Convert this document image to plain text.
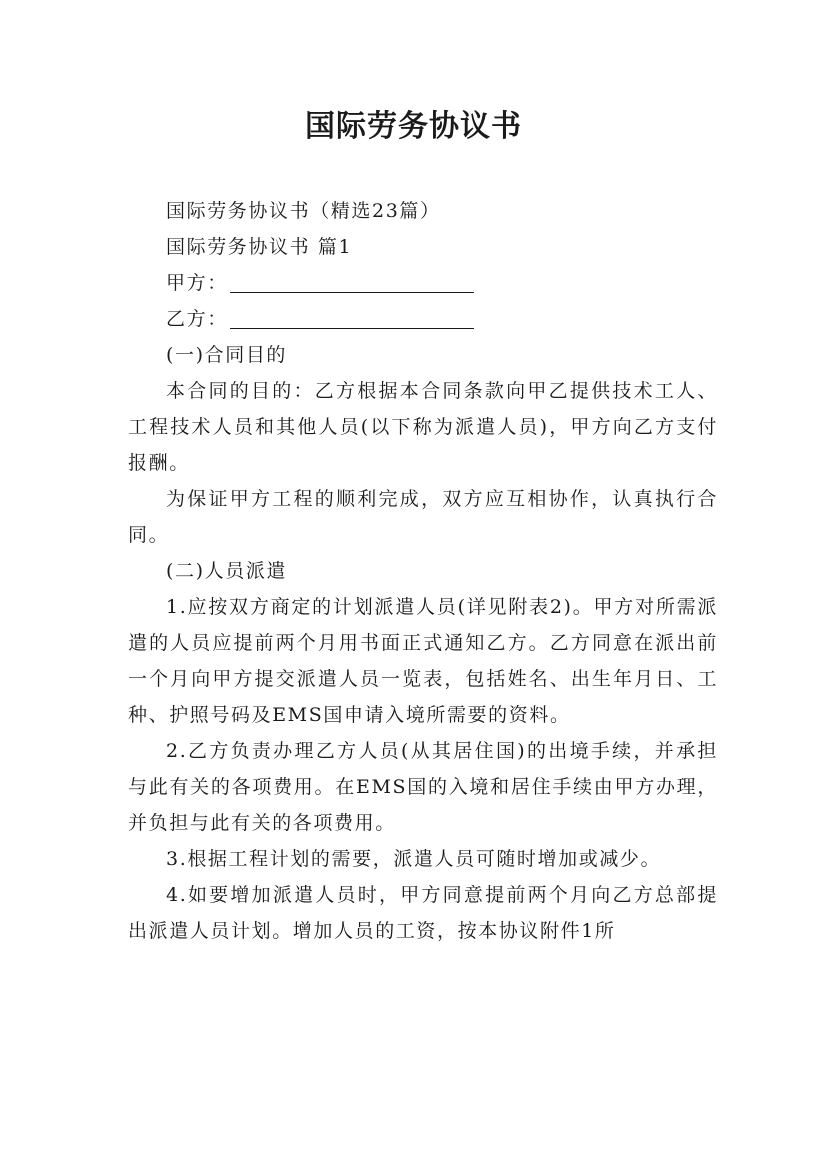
国际劳务协议书

国际劳务协议书（精选23篇）

国际劳务协议书 篇1

甲方：

乙方：

(一)合同目的

本合同的目的：乙方根据本合同条款向甲乙提供技术工人、工程技术人员和其他人员(以下称为派遣人员)，甲方向乙方支付报酬。

为保证甲方工程的顺利完成，双方应互相协作，认真执行合同。

(二)人员派遣

1.应按双方商定的计划派遣人员(详见附表2)。甲方对所需派遣的人员应提前两个月用书面正式通知乙方。乙方同意在派出前一个月向甲方提交派遣人员一览表，包括姓名、出生年月日、工种、护照号码及EMS国申请入境所需要的资料。

2.乙方负责办理乙方人员(从其居住国)的出境手续，并承担与此有关的各项费用。在EMS国的入境和居住手续由甲方办理，并负担与此有关的各项费用。

3.根据工程计划的需要，派遣人员可随时增加或减少。

4.如要增加派遣人员时，甲方同意提前两个月向乙方总部提出派遣人员计划。增加人员的工资，按本协议附件1所
